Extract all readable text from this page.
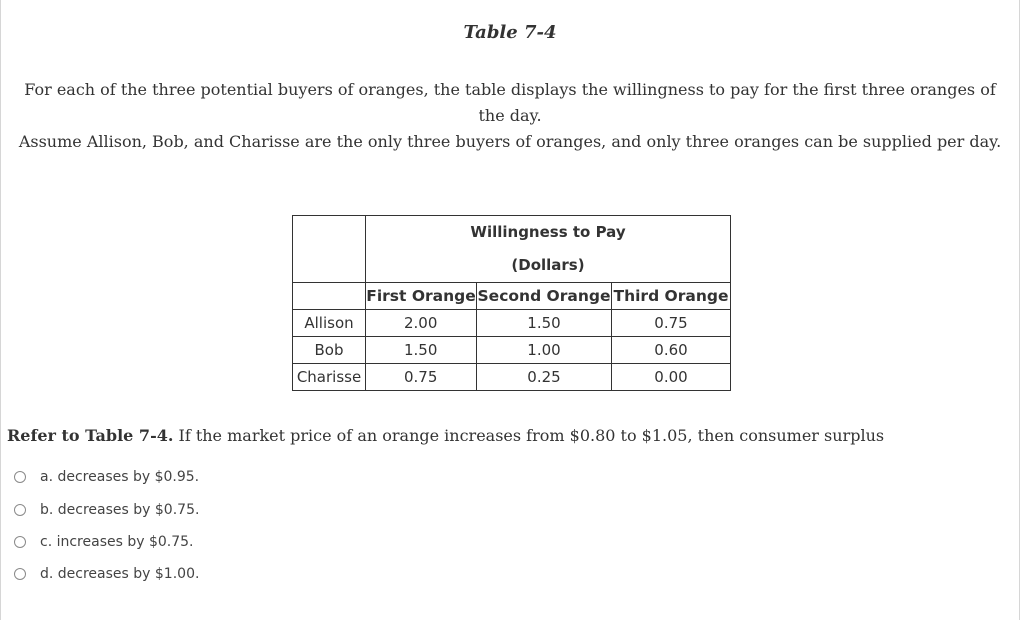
Table 7-4
For each of the three potential buyers of oranges, the table displays the willingness to pay for the first three oranges of the day.
Assume Allison, Bob, and Charisse are the only three buyers of oranges, and only three oranges can be supplied per day.

	Willingness to Pay
(Dollars)		

	First Orange	Second Orange	Third Orange
Allison	2.00	1.50	0.75
Bob	1.50	1.00	0.60
Charisse	0.75	0.25	0.00
Refer to Table 7-4. If the market price of an orange increases from $0.80 to $1.05, then consumer surplus
a. decreases by $0.95.
b. decreases by $0.75.
c. increases by $0.75.
d. decreases by $1.00.
